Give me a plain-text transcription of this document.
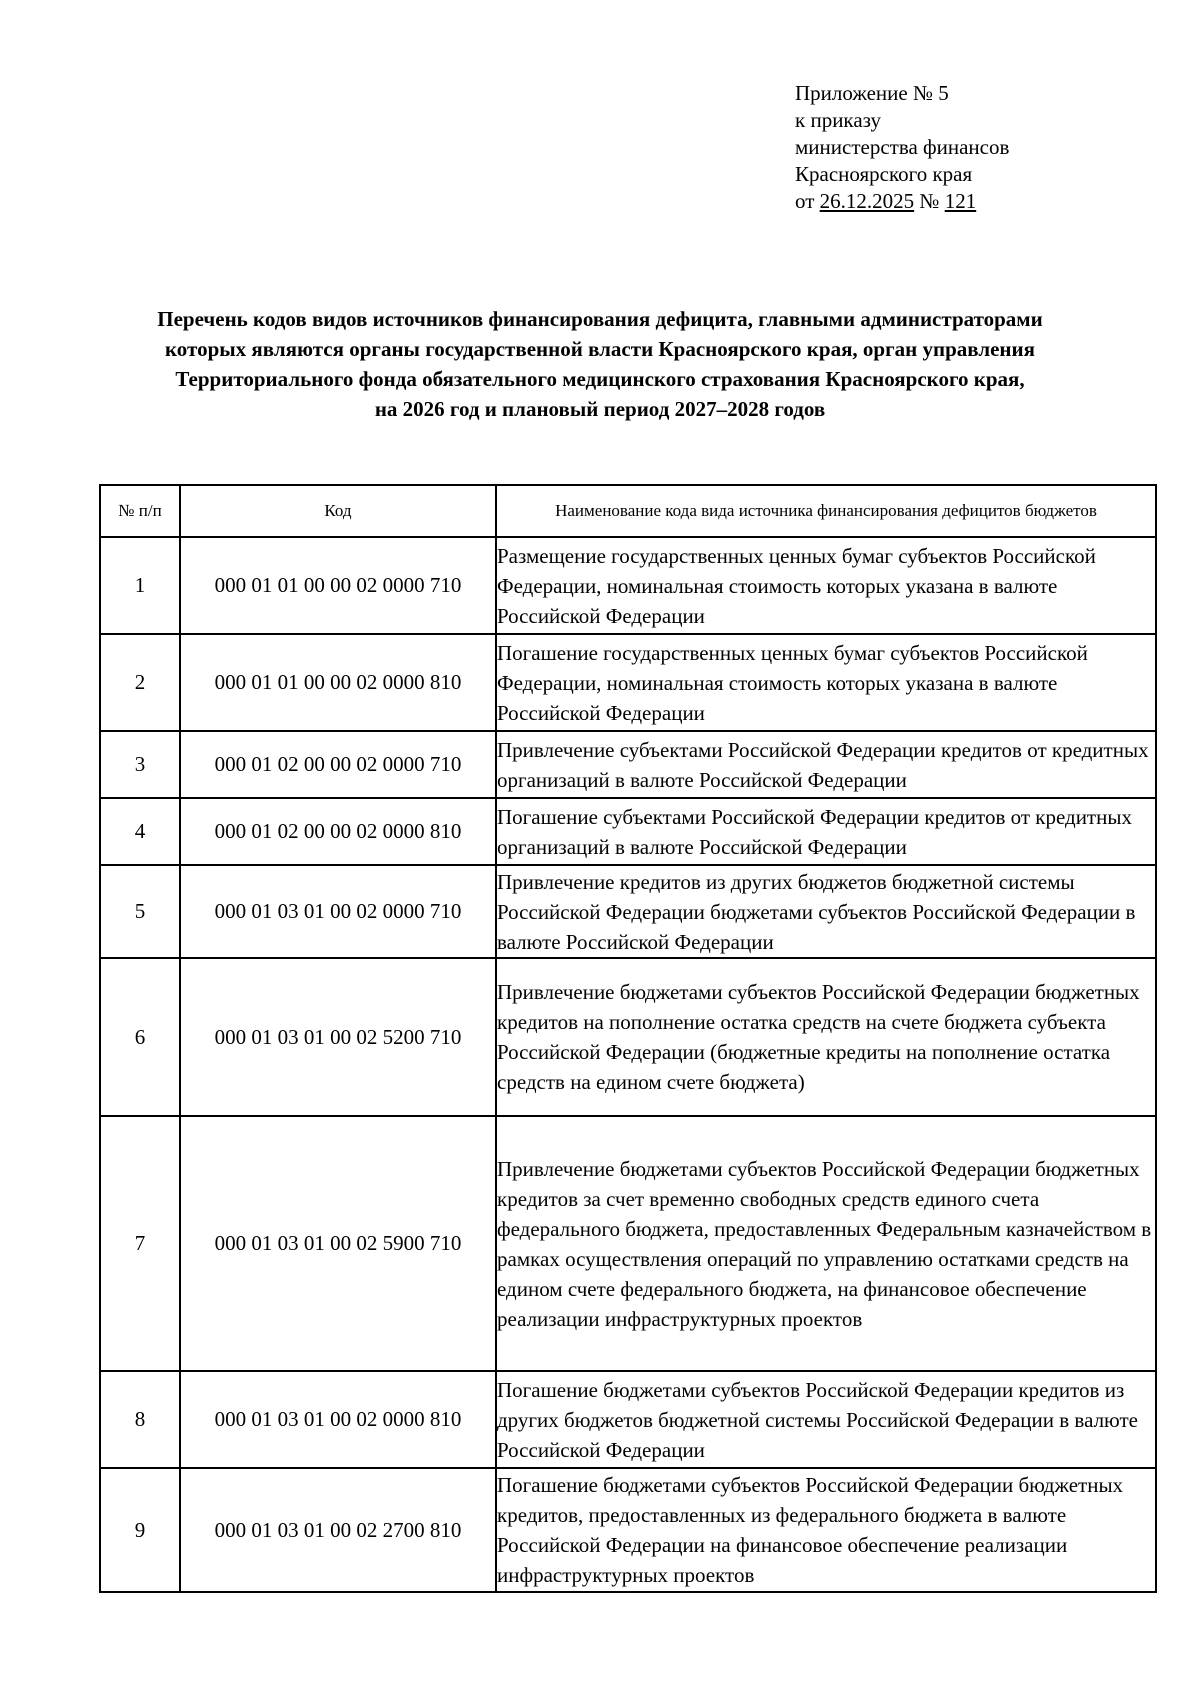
Приложение № 5
к приказу
министерства финансов
Красноярского края
от 26.12.2025 № 121
Перечень кодов видов источников финансирования дефицита, главными администраторами
которых являются органы государственной власти Красноярского края, орган управления
Территориального фонда обязательного медицинского страхования Красноярского края,
на 2026 год и плановый период 2027–2028 годов
№ п/п	Код	Наименование кода вида источника финансирования дефицитов бюджетов
1	000 01 01 00 00 02 0000 710	Размещение государственных ценных бумаг субъектов Российской Федерации, номинальная стоимость которых указана в валюте Российской Федерации
2	000 01 01 00 00 02 0000 810	Погашение государственных ценных бумаг субъектов Российской Федерации, номинальная стоимость которых указана в валюте Российской Федерации
3	000 01 02 00 00 02 0000 710	Привлечение субъектами Российской Федерации кредитов от кредитных организаций в валюте Российской Федерации
4	000 01 02 00 00 02 0000 810	Погашение субъектами Российской Федерации кредитов от кредитных организаций в валюте Российской Федерации
5	000 01 03 01 00 02 0000 710	Привлечение кредитов из других бюджетов бюджетной системы Российской Федерации бюджетами субъектов Российской Федерации в валюте Российской Федерации
6	000 01 03 01 00 02 5200 710	Привлечение бюджетами субъектов Российской Федерации бюджетных кредитов на пополнение остатка средств на счете бюджета субъекта Российской Федерации (бюджетные кредиты на пополнение остатка средств на едином счете бюджета)
7	000 01 03 01 00 02 5900 710	Привлечение бюджетами субъектов Российской Федерации бюджетных кредитов за счет временно свободных средств единого счета федерального бюджета, предоставленных Федеральным казначейством в рамках осуществления операций по управлению остатками средств на едином счете федерального бюджета, на финансовое обеспечение реализации инфраструктурных проектов
8	000 01 03 01 00 02 0000 810	Погашение бюджетами субъектов Российской Федерации кредитов из других бюджетов бюджетной системы Российской Федерации в валюте Российской Федерации
9	000 01 03 01 00 02 2700 810	Погашение бюджетами субъектов Российской Федерации бюджетных кредитов, предоставленных из федерального бюджета в валюте Российской Федерации на финансовое обеспечение реализации инфраструктурных проектов
